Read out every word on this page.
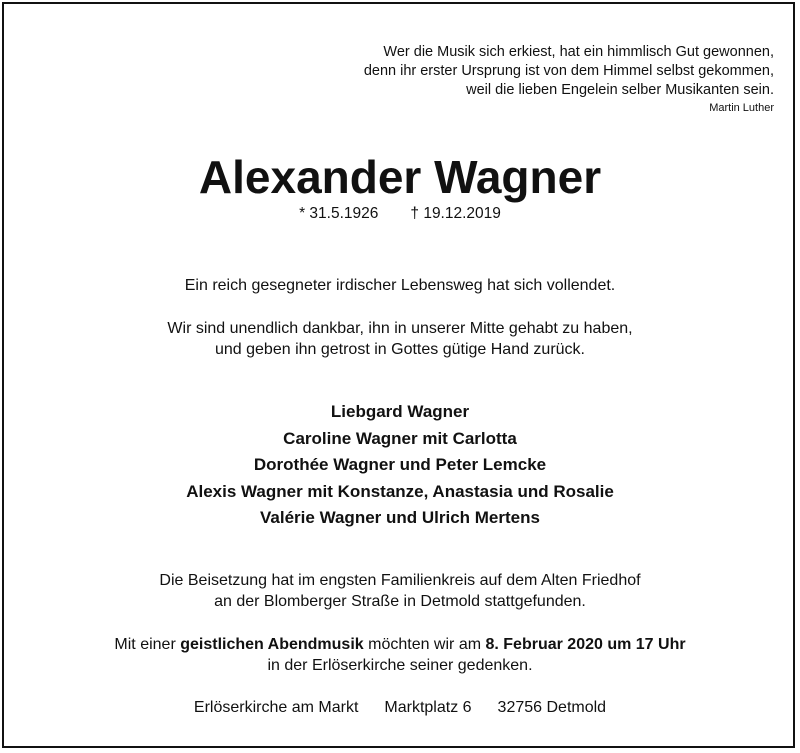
Wer die Musik sich erkiest, hat ein himmlisch Gut gewonnen,
denn ihr erster Ursprung ist von dem Himmel selbst gekommen,
weil die lieben Engelein selber Musikanten sein.
Martin Luther
Alexander Wagner
* 31.5.1926 † 19.12.2019
Ein reich gesegneter irdischer Lebensweg hat sich vollendet.
Wir sind unendlich dankbar, ihn in unserer Mitte gehabt zu haben,
und geben ihn getrost in Gottes gütige Hand zurück.
Liebgard Wagner
Caroline Wagner mit Carlotta
Dorothée Wagner und Peter Lemcke
Alexis Wagner mit Konstanze, Anastasia und Rosalie
Valérie Wagner und Ulrich Mertens
Die Beisetzung hat im engsten Familienkreis auf dem Alten Friedhof
an der Blomberger Straße in Detmold stattgefunden.
Mit einer geistlichen Abendmusik möchten wir am 8. Februar 2020 um 17 Uhr
in der Erlöserkirche seiner gedenken.
Erlöserkirche am Markt Marktplatz 6 32756 Detmold
